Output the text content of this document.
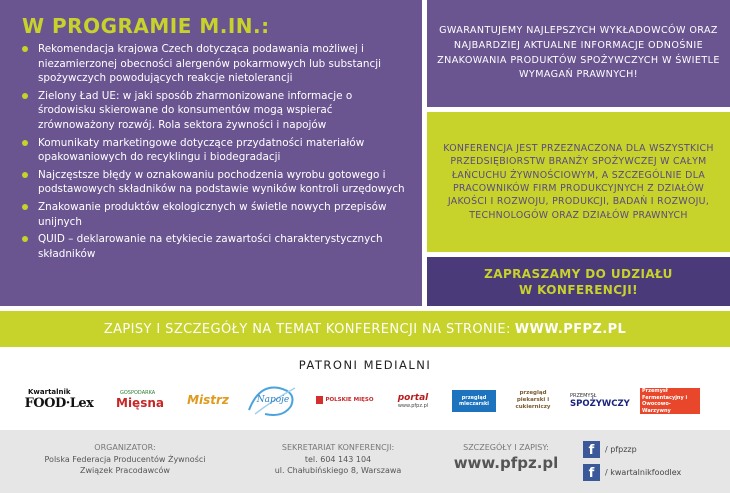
W PROGRAMIE M.IN.:
Rekomendacja krajowa Czech dotycząca podawania możliwej i niezamierzonej obecności alergenów pokarmowych lub substancji spożywczych powodujących reakcje nietolerancji
Zielony Ład UE: w jaki sposób zharmonizowane informacje o środowisku skierowane do konsumentów mogą wspierać zrównoważony rozwój. Rola sektora żywności i napojów
Komunikaty marketingowe dotyczące przydatności materiałów opakowaniowych do recyklingu i biodegradacji
Najczęstsze błędy w oznakowaniu pochodzenia wyrobu gotowego i podstawowych składników na podstawie wyników kontroli urzędowych
Znakowanie produktów ekologicznych w świetle nowych przepisów unijnych
QUID – deklarowanie na etykiecie zawartości charakterystycznych składników
GWARANTUJEMY NAJLEPSZYCH WYKŁADOWCÓW ORAZ NAJBARDZIEJ AKTUALNE INFORMACJE ODNOŚNIE ZNAKOWANIA PRODUKTÓW SPOŻYWCZYCH W ŚWIETLE WYMAGAŃ PRAWNYCH!
KONFERENCJA JEST PRZEZNACZONA DLA WSZYSTKICH PRZEDSIĘBIORSTW BRANŻY SPOŻYWCZEJ W CAŁYM ŁAŃCUCHU ŻYWNOŚCIOWYM, A SZCZEGÓLNIE DLA PRACOWNIKÓW FIRM PRODUKCYJNYCH Z DZIAŁÓW JAKOŚCI I ROZWOJU, PRODUKCJI, BADAŃ I ROZWOJU, TECHNOLOGÓW ORAZ DZIAŁÓW PRAWNYCH
ZAPRASZAMY DO UDZIAŁU
W KONFERENCJI!
ZAPISY I SZCZEGÓŁY NA TEMAT KONFERENCJI NA STRONIE: WWW.PFPZ.PL
PATRONI MEDIALNI
Kwartalnik
FOOD·Lex
GOSPODARKA
Mięsna Mistrz	Napoje	POLSKIE MIĘSO	portal
www.pfpz.pl
przegląd mleczarski
przegląd piekarski i cukierniczy
PRZEMYSŁ
SPOŻYWCZY
Przemysł Fermentacyjny i Owocowo-Warzywny
ORGANIZATOR:
Polska Federacja Producentów Żywności
Związek Pracodawców
SEKRETARIAT KONFERENCJI:
tel. 604 143 104
ul. Chałubińskiego 8, Warszawa
SZCZEGÓŁY I ZAPISY:
www.pfpz.pl
f	/ pfpzzp
f	/ kwartalnikfoodlex
